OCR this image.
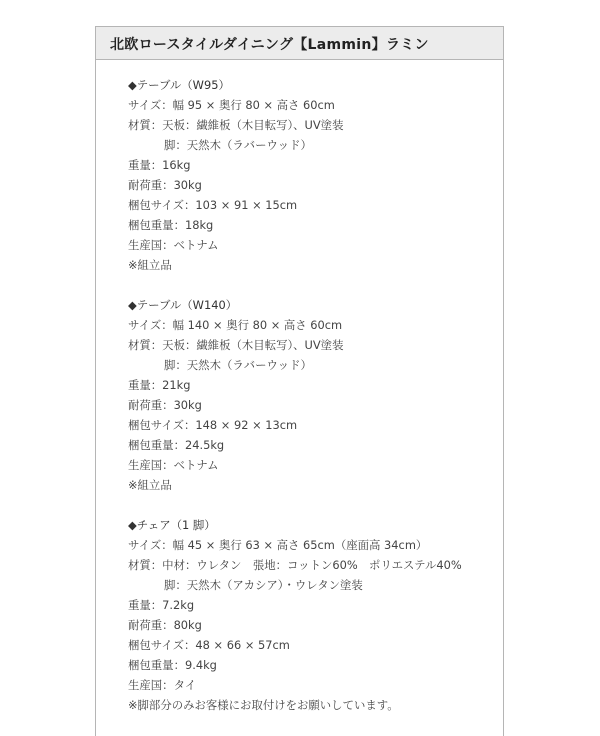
北欧ロースタイルダイニング【Lammin】ラミン
◆テーブル（W95）
サイズ：幅 95 × 奥行 80 × 高さ 60cm
材質：天板：繊維板（木目転写）、UV塗装
脚：天然木（ラバーウッド）
重量：16kg
耐荷重：30kg
梱包サイズ：103 × 91 × 15cm
梱包重量：18kg
生産国：ベトナム
※組立品
◆テーブル（W140）
サイズ：幅 140 × 奥行 80 × 高さ 60cm
材質：天板：繊維板（木目転写）、UV塗装
脚：天然木（ラバーウッド）
重量：21kg
耐荷重：30kg
梱包サイズ：148 × 92 × 13cm
梱包重量：24.5kg
生産国：ベトナム
※組立品
◆チェア（1 脚）
サイズ：幅 45 × 奥行 63 × 高さ 65cm（座面高 34cm）
材質：中材：ウレタン　張地：コットン60%　ポリエステル40%
脚：天然木（アカシア）・ウレタン塗装
重量：7.2kg
耐荷重：80kg
梱包サイズ：48 × 66 × 57cm
梱包重量：9.4kg
生産国：タイ
※脚部分のみお客様にお取付けをお願いしています。
